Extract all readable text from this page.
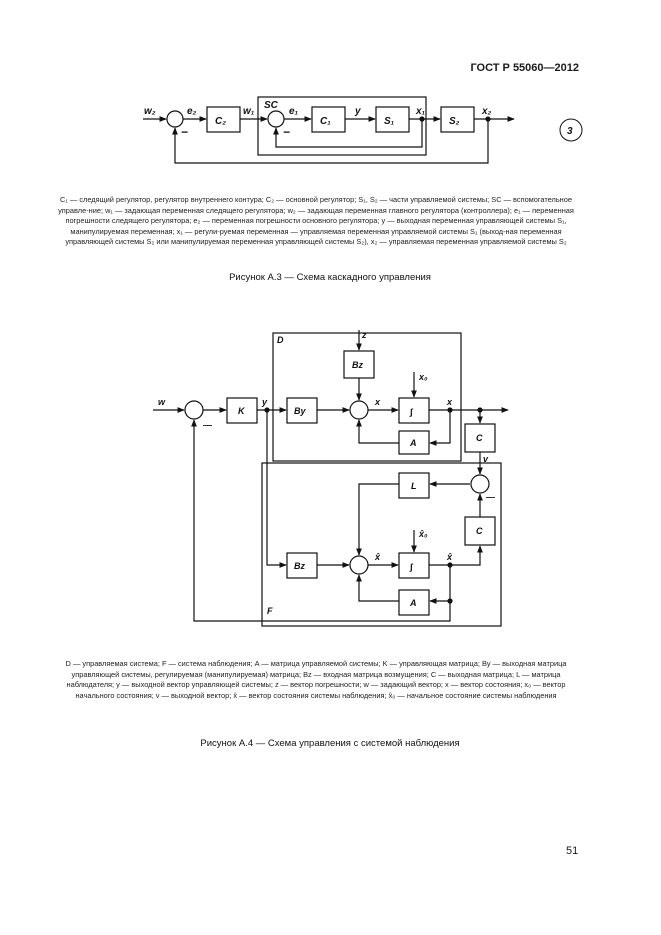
ГОСТ Р 55060—2012
w₂	e₂
C₂
w₁
SC
e₁
C₁
y
S₁
x₁
S₂
x₂
−
−	3
D	z
Bz
x₀
w
K
y
By
x
∫
x
A	C
v
L
C
x̂₀
Bz
x̂
∫
x̂
A
F
—
—
C₁ — следящий регулятор, регулятор внутреннего контура; C₂ — основной регулятор; S₁, S₂ — части управляемой системы; SC — вспомогательное управле-ние; w₁ — задающая переменная следящего регулятора; w₂ — задающая переменная главного регулятора (контроллера); e₁ — переменная погрешности следящего регулятора; e₂ — переменная погрешности основного регулятора; y — выходная переменная управляющей системы S₁, манипулируемая переменная; x₁ — регули-руемая переменная — управляемая переменная управляемой системы S₁ (выход-ная переменная управляющей системы S₂ или манипулируемая переменная управляющей системы S₂), x₂ — управляемая переменная управляемой системы S₂
Рисунок А.3 — Схема каскадного управления
D — управляемая система; F — система наблюдения; A — матрица управляемой системы; K — управляющая матрица; By — выходная матрица управляющей системы, регулируемая (манипулируемая) матрица; Bz — входная матрица возмущения; C — выходная матрица; L — матрица наблюдателя; y — выходной вектор управляющей системы; z — вектор погрешности; w — задающий вектор; x — вектор состояния; x₀ — вектор начального состояния; v — выходной вектор; x̂ — вектор состояния системы наблюдения; x̂₀ — начальное состояние системы наблюдения
Рисунок А.4 — Схема управления с системой наблюдения
51
